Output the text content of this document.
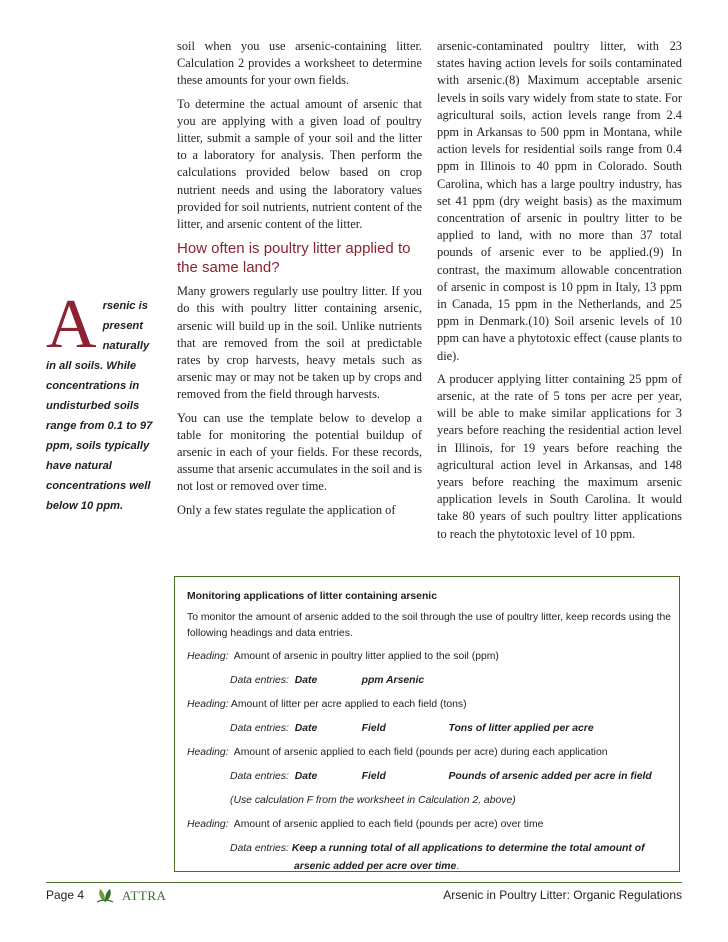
soil when you use arsenic-containing litter. Calculation 2 provides a worksheet to determine these amounts for your own fields.

To determine the actual amount of arsenic that you are applying with a given load of poultry litter, submit a sample of your soil and the litter to a laboratory for analysis. Then perform the calculations provided below based on crop nutrient needs and using the laboratory values provided for soil nutrients, nutrient content of the litter, and arsenic content of the litter.

How often is poultry litter applied to the same land?

Many growers regularly use poultry litter. If you do this with poultry litter containing arsenic, arsenic will build up in the soil. Unlike nutrients that are removed from the soil at predictable rates by crop harvests, heavy metals such as arsenic may or may not be taken up by crops and removed from the field through harvests.

You can use the template below to develop a table for monitoring the potential buildup of arsenic in each of your fields. For these records, assume that arsenic accumulates in the soil and is not lost or removed over time.

Only a few states regulate the application of

arsenic-contaminated poultry litter, with 23 states having action levels for soils contaminated with arsenic.(8) Maximum acceptable arsenic levels in soils vary widely from state to state. For agricultural soils, action levels range from 2.4 ppm in Arkansas to 500 ppm in Montana, while action levels for residential soils range from 0.4 ppm in Illinois to 40 ppm in Colorado. South Carolina, which has a large poultry industry, has set 41 ppm (dry weight basis) as the maximum concentration of arsenic in poultry litter to be applied to land, with no more than 37 total pounds of arsenic ever to be applied.(9) In contrast, the maximum allowable concentration of arsenic in compost is 10 ppm in Italy, 13 ppm in Canada, 15 ppm in the Netherlands, and 25 ppm in Denmark.(10) Soil arsenic levels of 10 ppm can have a phytotoxic effect (cause plants to die).

A producer applying litter containing 25 ppm of arsenic, at the rate of 5 tons per acre per year, will be able to make similar applications for 3 years before reaching the residential action level in Illinois, for 19 years before reaching the agricultural action level in Arkansas, and 148 years before reaching the maximum arsenic application levels in South Carolina. It would take 80 years of such poultry litter applications to reach the phytotoxic level of 10 ppm.

Arsenic is present naturally in all soils. While concentrations in undisturbed soils range from 0.1 to 97 ppm, soils typically have natural concentrations well below 10 ppm.
Monitoring applications of litter containing arsenic
To monitor the amount of arsenic added to the soil through the use of poultry litter, keep records using the following headings and data entries.
Heading: Amount of arsenic in poultry litter applied to the soil (ppm)
Data entries: Date	ppm Arsenic
Heading: Amount of litter per acre applied to each field (tons)
Data entries: Date	Field	Tons of litter applied per acre
Heading: Amount of arsenic applied to each field (pounds per acre) during each application
Data entries: Date	Field	Pounds of arsenic added per acre in field
(Use calculation F from the worksheet in Calculation 2, above)
Heading: Amount of arsenic applied to each field (pounds per acre) over time
Data entries: Keep a running total of all applications to determine the total amount of
arsenic added per acre over time.
Page 4	ATTRA	Arsenic in Poultry Litter: Organic Regulations
